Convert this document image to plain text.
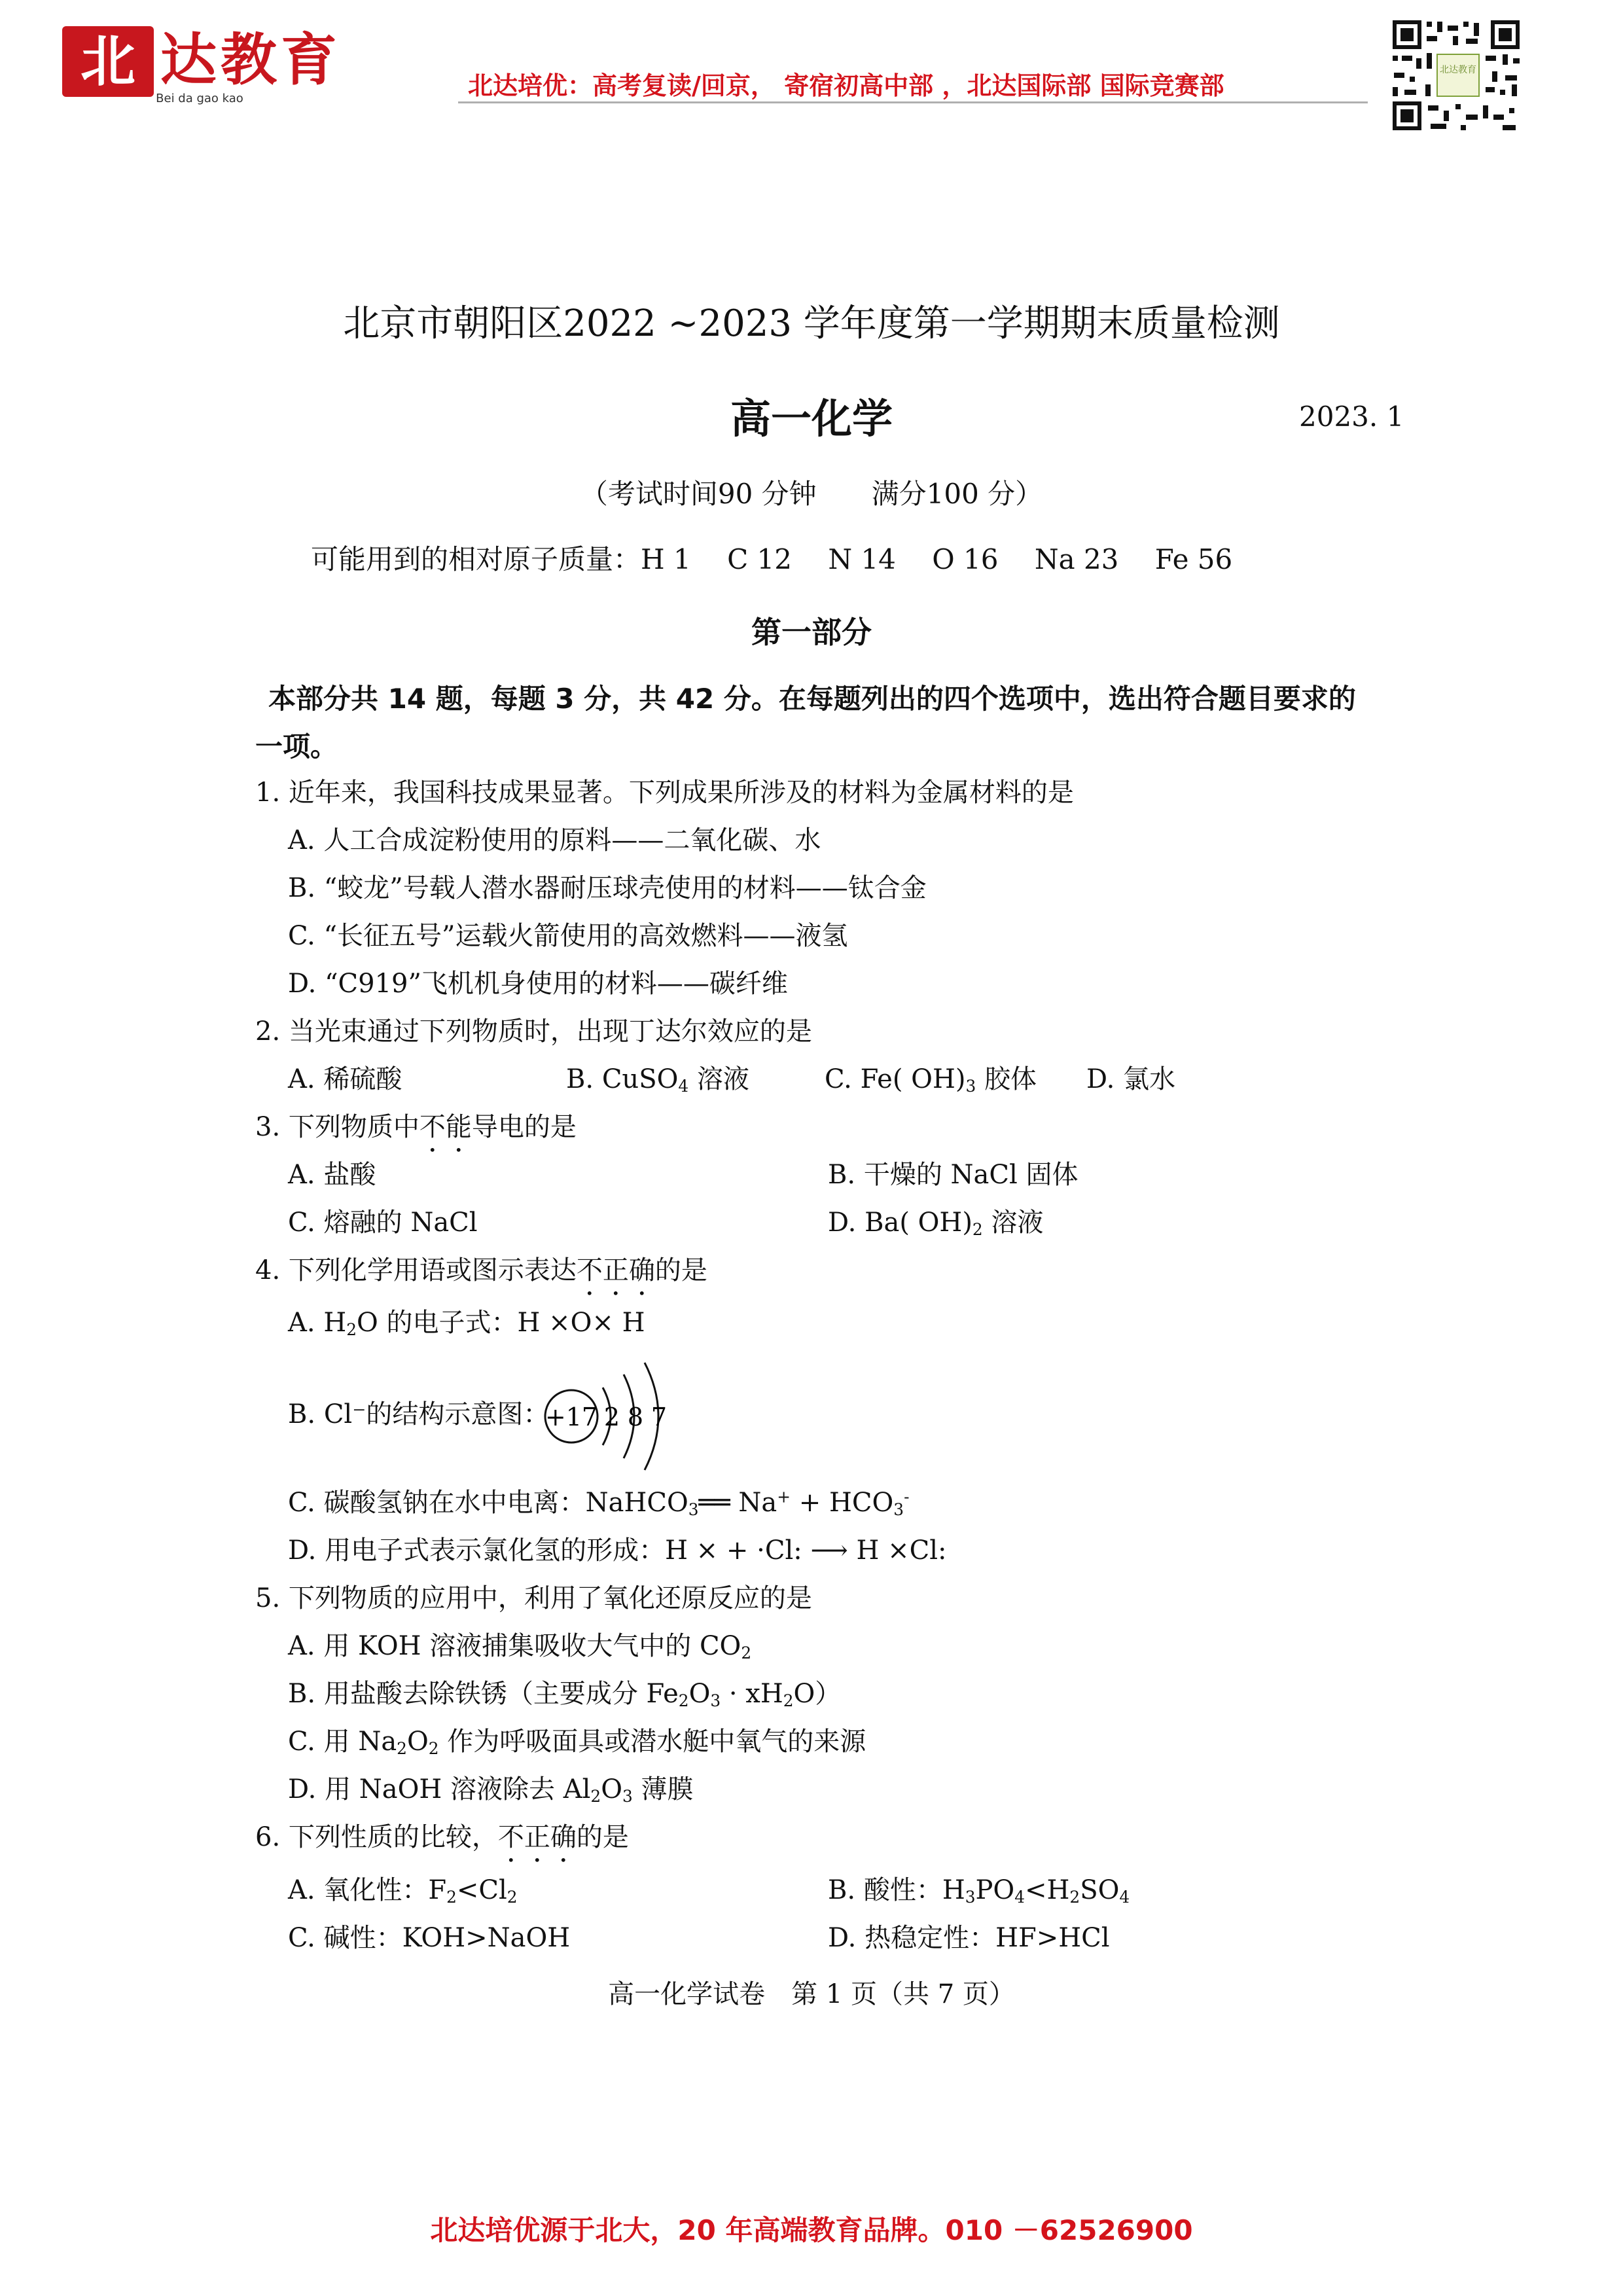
北 达教育
Bei da gao kao	北达培优：高考复读/回京， 寄宿初高中部 ，北达国际部 国际竞赛部
北达教育
北京市朝阳区2022 ~2023 学年度第一学期期末质量检测
高一化学	2023. 1
（考试时间90 分钟　　满分100 分）
可能用到的相对原子质量：H 1　 C 12　 N 14　 O 16　 Na 23　 Fe 56
第一部分
本部分共 14 题，每题 3 分，共 42 分。在每题列出的四个选项中，选出符合题目要求的
一项。
1. 近年来，我国科技成果显著。下列成果所涉及的材料为金属材料的是
A. 人工合成淀粉使用的原料——二氧化碳、水
B. “蛟龙”号载人潜水器耐压球壳使用的材料——钛合金
C. “长征五号”运载火箭使用的高效燃料——液氢
D. “C919”飞机机身使用的材料——碳纤维
2. 当光束通过下列物质时，出现丁达尔效应的是
A. 稀硫酸	B. CuSO$_4$ 溶液	C. Fe( $OH)_3$ 胶体 D. 氯水
3. 下列物质中不能导电的是
A. 盐酸	B. 干燥的 NaCl 固体
C. 熔融的 NaCl	D. Ba( $OH)_2$ 溶液
4. 下列化学用语或图示表达不正确的是
A. $H_2O$ 的电子式：H ×O× H
B. Cl⁻的结构示意图：
+17 2 8 7
C. 碳酸氢钠在水中电离：NaHCO$_3$══ $Na^+ + HCO_3^-$
D. 用电子式表示氯化氢的形成：H × + ·Cl: ⟶ H ×Cl:
5. 下列物质的应用中，利用了氧化还原反应的是
A. 用 KOH 溶液捕集吸收大气中的 $CO_2$
B. 用盐酸去除铁锈（主要成分 $Fe_2O_3 \cdot xH_2O$）
C. 用 $Na_2O_2$ 作为呼吸面具或潜水艇中氧气的来源
D. 用 NaOH 溶液除去 $Al_2O_3$ 薄膜
6. 下列性质的比较，不正确的是
A. 氧化性：$F_2<Cl_2$	B. 酸性：$H_3PO_4<H_2SO_4$
C. 碱性：KOH>NaOH	D. 热稳定性：HF>HCl
高一化学试卷　第 1 页（共 7 页）
北达培优源于北大，20 年高端教育品牌。010 －62526900
